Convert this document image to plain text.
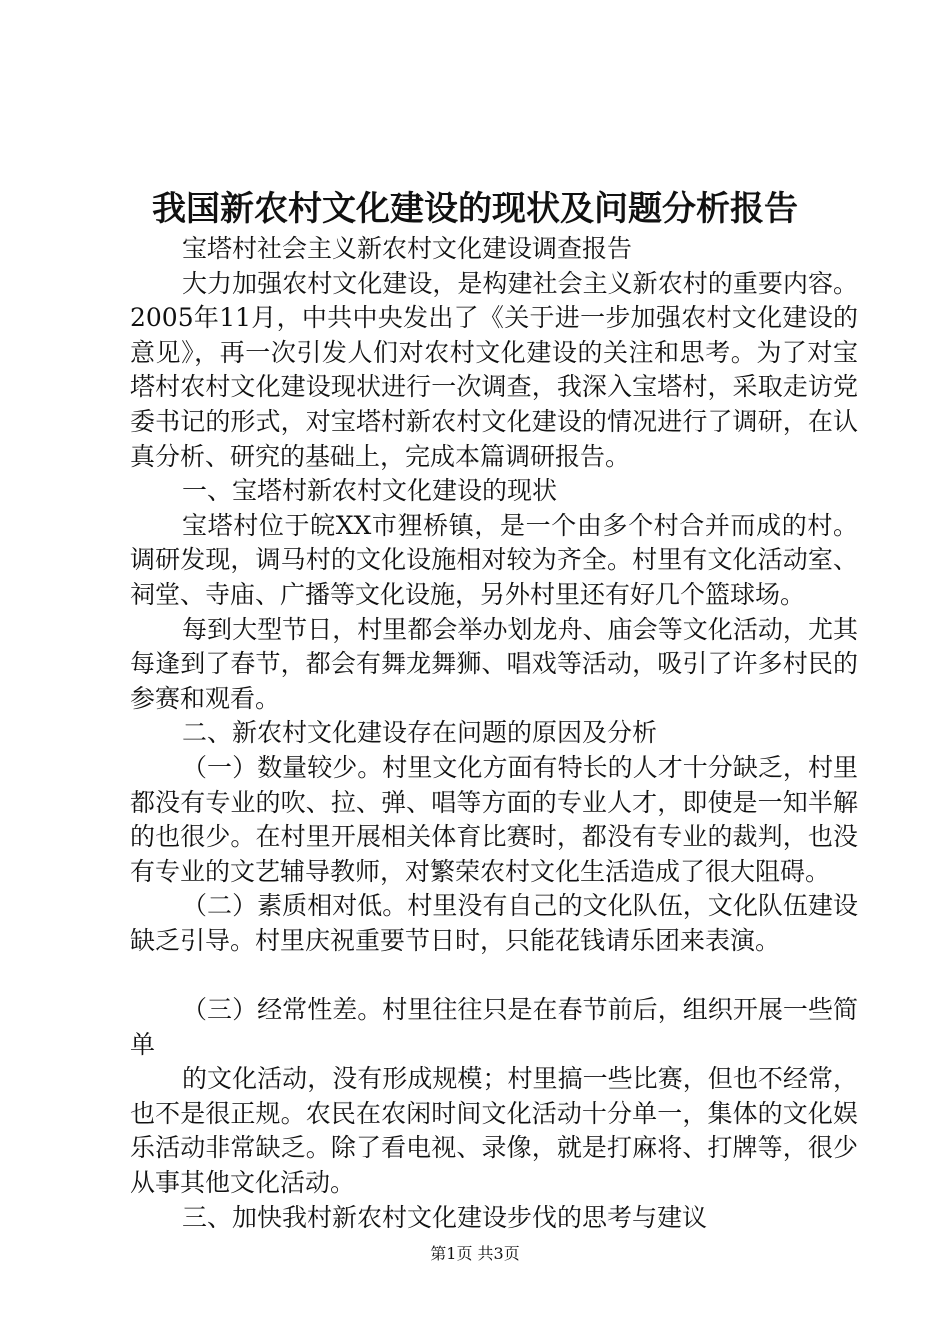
我国新农村文化建设的现状及问题分析报告

宝塔村社会主义新农村文化建设调查报告

大力加强农村文化建设，是构建社会主义新农村的重要内容。2005年11月，中共中央发出了《关于进一步加强农村文化建设的意见》，再一次引发人们对农村文化建设的关注和思考。为了对宝塔村农村文化建设现状进行一次调查，我深入宝塔村，采取走访党委书记的形式，对宝塔村新农村文化建设的情况进行了调研，在认真分析、研究的基础上，完成本篇调研报告。

一、宝塔村新农村文化建设的现状

宝塔村位于皖XX市狸桥镇，是一个由多个村合并而成的村。调研发现，调马村的文化设施相对较为齐全。村里有文化活动室、祠堂、寺庙、广播等文化设施，另外村里还有好几个篮球场。

每到大型节日，村里都会举办划龙舟、庙会等文化活动，尤其每逢到了春节，都会有舞龙舞狮、唱戏等活动，吸引了许多村民的参赛和观看。

二、新农村文化建设存在问题的原因及分析

（一）数量较少。村里文化方面有特长的人才十分缺乏，村里都没有专业的吹、拉、弹、唱等方面的专业人才，即使是一知半解的也很少。在村里开展相关体育比赛时，都没有专业的裁判，也没有专业的文艺辅导教师，对繁荣农村文化生活造成了很大阻碍。

（二）素质相对低。村里没有自己的文化队伍，文化队伍建设缺乏引导。村里庆祝重要节日时，只能花钱请乐团来表演。

（三）经常性差。村里往往只是在春节前后，组织开展一些简单

的文化活动，没有形成规模；村里搞一些比赛，但也不经常，也不是很正规。农民在农闲时间文化活动十分单一，集体的文化娱乐活动非常缺乏。除了看电视、录像，就是打麻将、打牌等，很少从事其他文化活动。

三、加快我村新农村文化建设步伐的思考与建议

第1页 共3页
